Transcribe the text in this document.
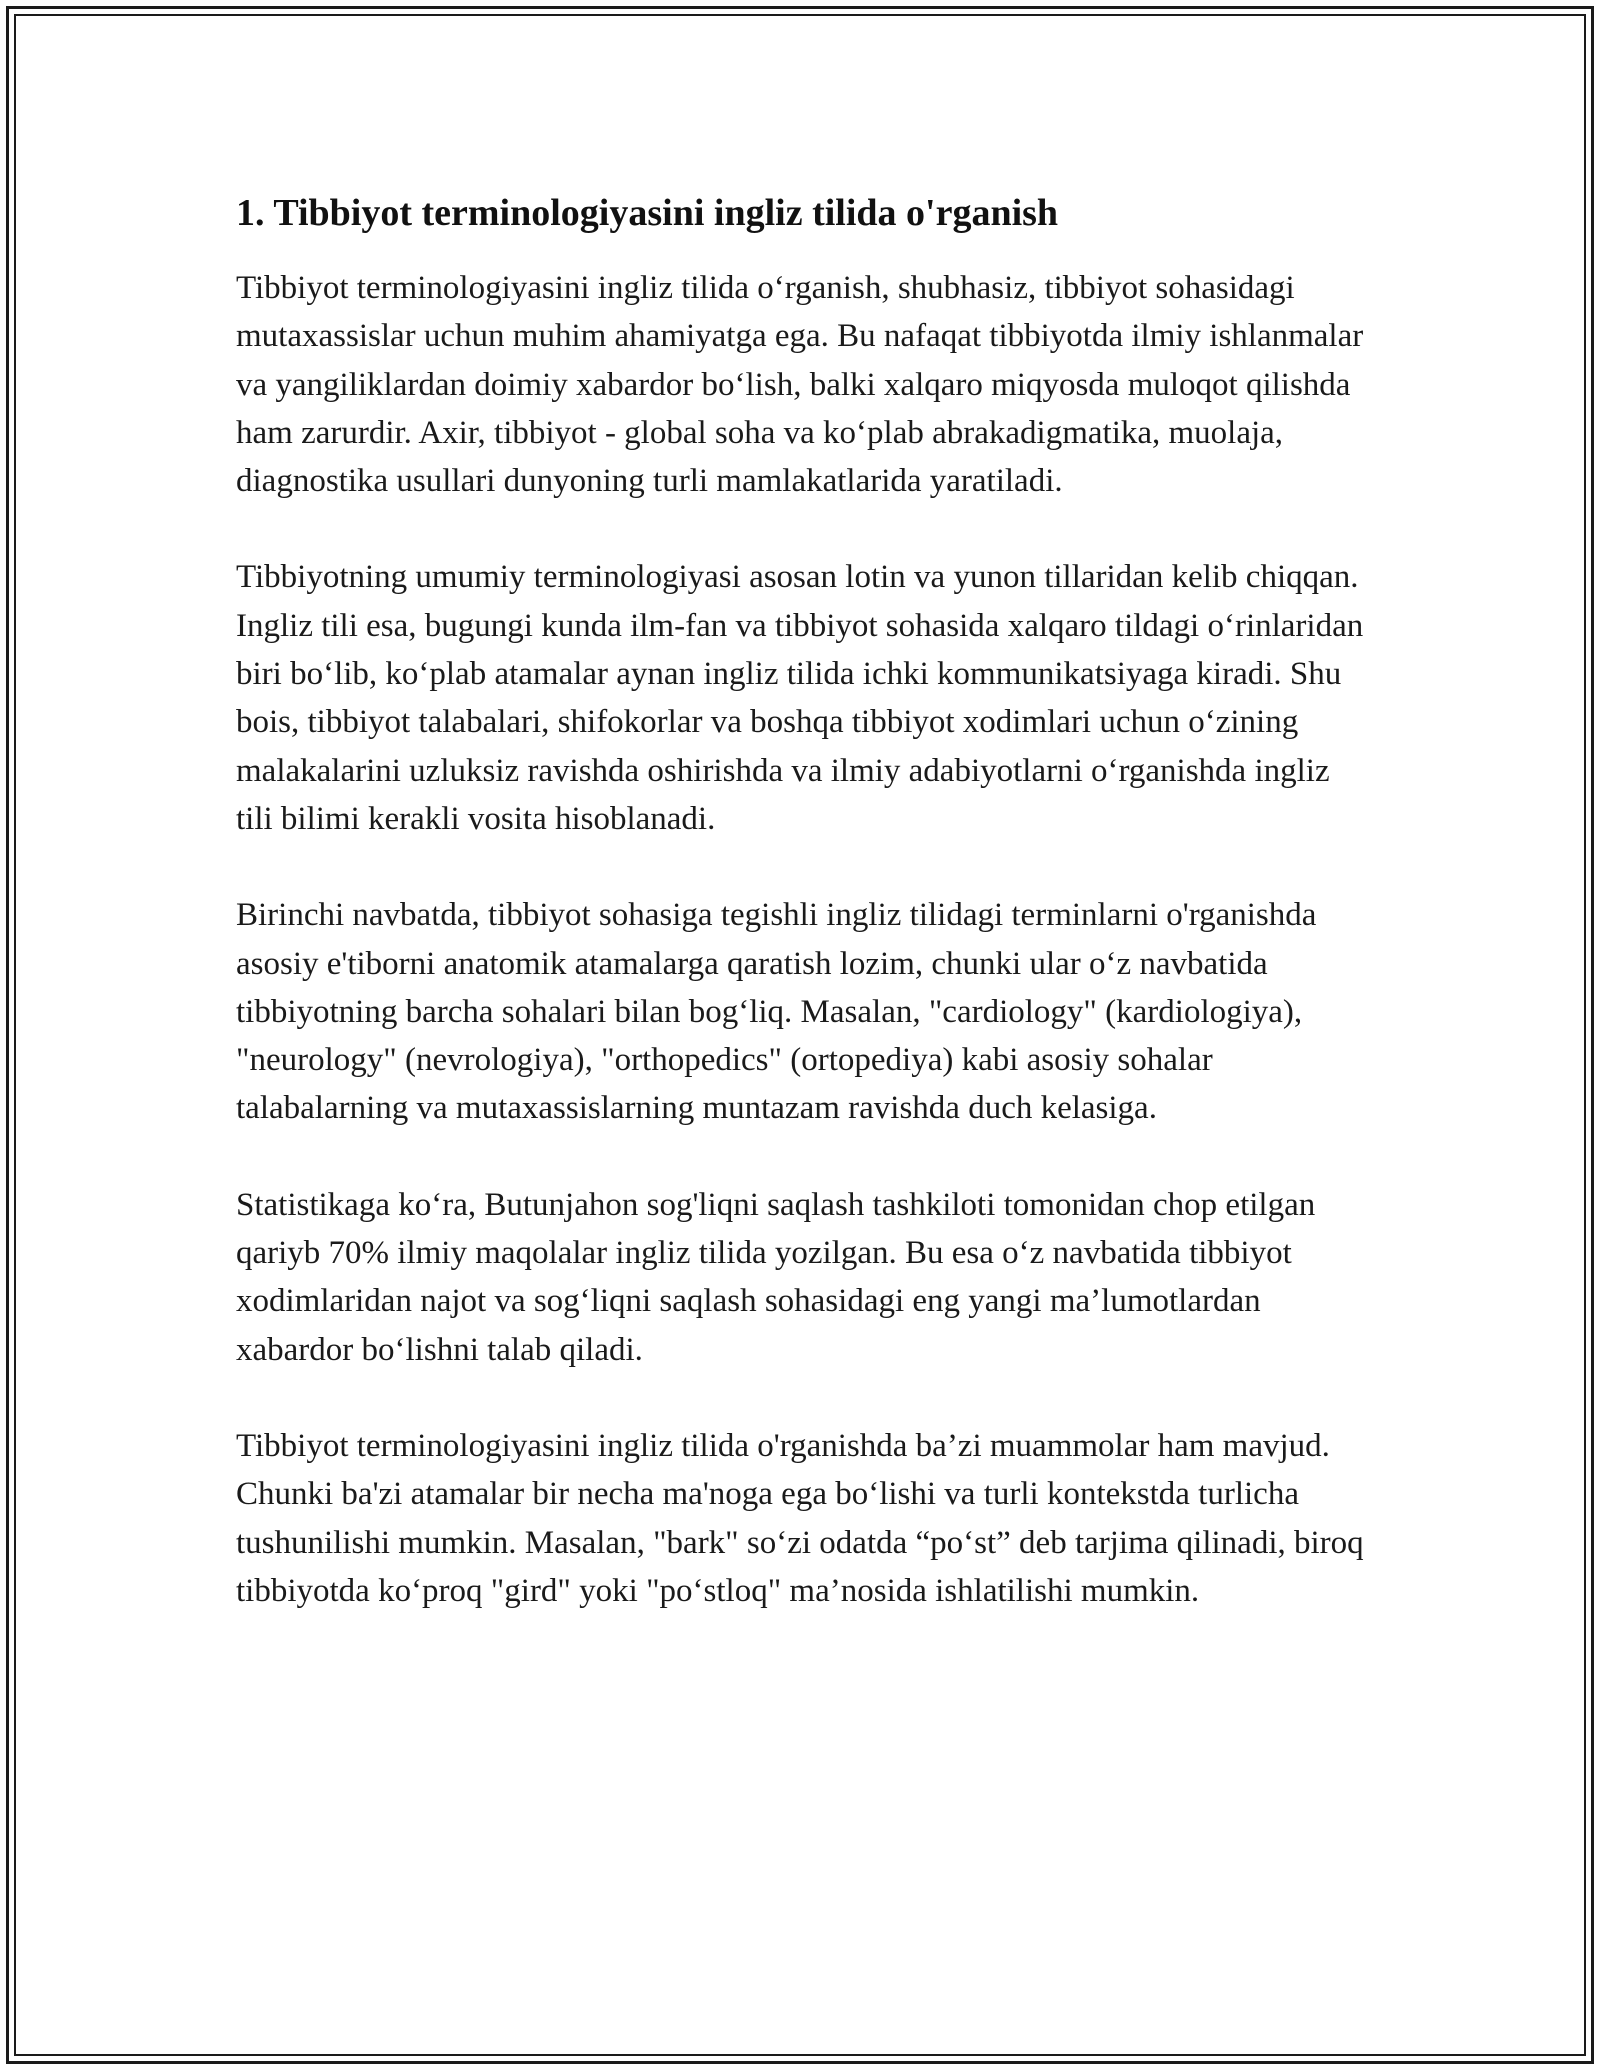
1. Tibbiyot terminologiyasini ingliz tilida o'rganish

Tibbiyot terminologiyasini ingliz tilida o‘rganish, shubhasiz, tibbiyot sohasidagi mutaxassislar uchun muhim ahamiyatga ega. Bu nafaqat tibbiyotda ilmiy ishlanmalar va yangiliklardan doimiy xabardor bo‘lish, balki xalqaro miqyosda muloqot qilishda ham zarurdir. Axir, tibbiyot - global soha va ko‘plab abrakadigmatika, muolaja, diagnostika usullari dunyoning turli mamlakatlarida yaratiladi.

Tibbiyotning umumiy terminologiyasi asosan lotin va yunon tillaridan kelib chiqqan. Ingliz tili esa, bugungi kunda ilm-fan va tibbiyot sohasida xalqaro tildagi o‘rinlaridan biri bo‘lib, ko‘plab atamalar aynan ingliz tilida ichki kommunikatsiyaga kiradi. Shu bois, tibbiyot talabalari, shifokorlar va boshqa tibbiyot xodimlari uchun o‘zining malakalarini uzluksiz ravishda oshirishda va ilmiy adabiyotlarni o‘rganishda ingliz tili bilimi kerakli vosita hisoblanadi.

Birinchi navbatda, tibbiyot sohasiga tegishli ingliz tilidagi terminlarni o'rganishda asosiy e'tiborni anatomik atamalarga qaratish lozim, chunki ular o‘z navbatida tibbiyotning barcha sohalari bilan bog‘liq. Masalan, "cardiology" (kardiologiya), "neurology" (nevrologiya), "orthopedics" (ortopediya) kabi asosiy sohalar talabalarning va mutaxassislarning muntazam ravishda duch kelasiga.

Statistikaga ko‘ra, Butunjahon sog'liqni saqlash tashkiloti tomonidan chop etilgan qariyb 70% ilmiy maqolalar ingliz tilida yozilgan. Bu esa o‘z navbatida tibbiyot xodimlaridan najot va sog‘liqni saqlash sohasidagi eng yangi ma’lumotlardan xabardor bo‘lishni talab qiladi.

Tibbiyot terminologiyasini ingliz tilida o'rganishda ba’zi muammolar ham mavjud. Chunki ba'zi atamalar bir necha ma'noga ega bo‘lishi va turli kontekstda turlicha tushunilishi mumkin. Masalan, "bark" so‘zi odatda “po‘st” deb tarjima qilinadi, biroq tibbiyotda ko‘proq "gird" yoki "po‘stloq" ma’nosida ishlatilishi mumkin.
